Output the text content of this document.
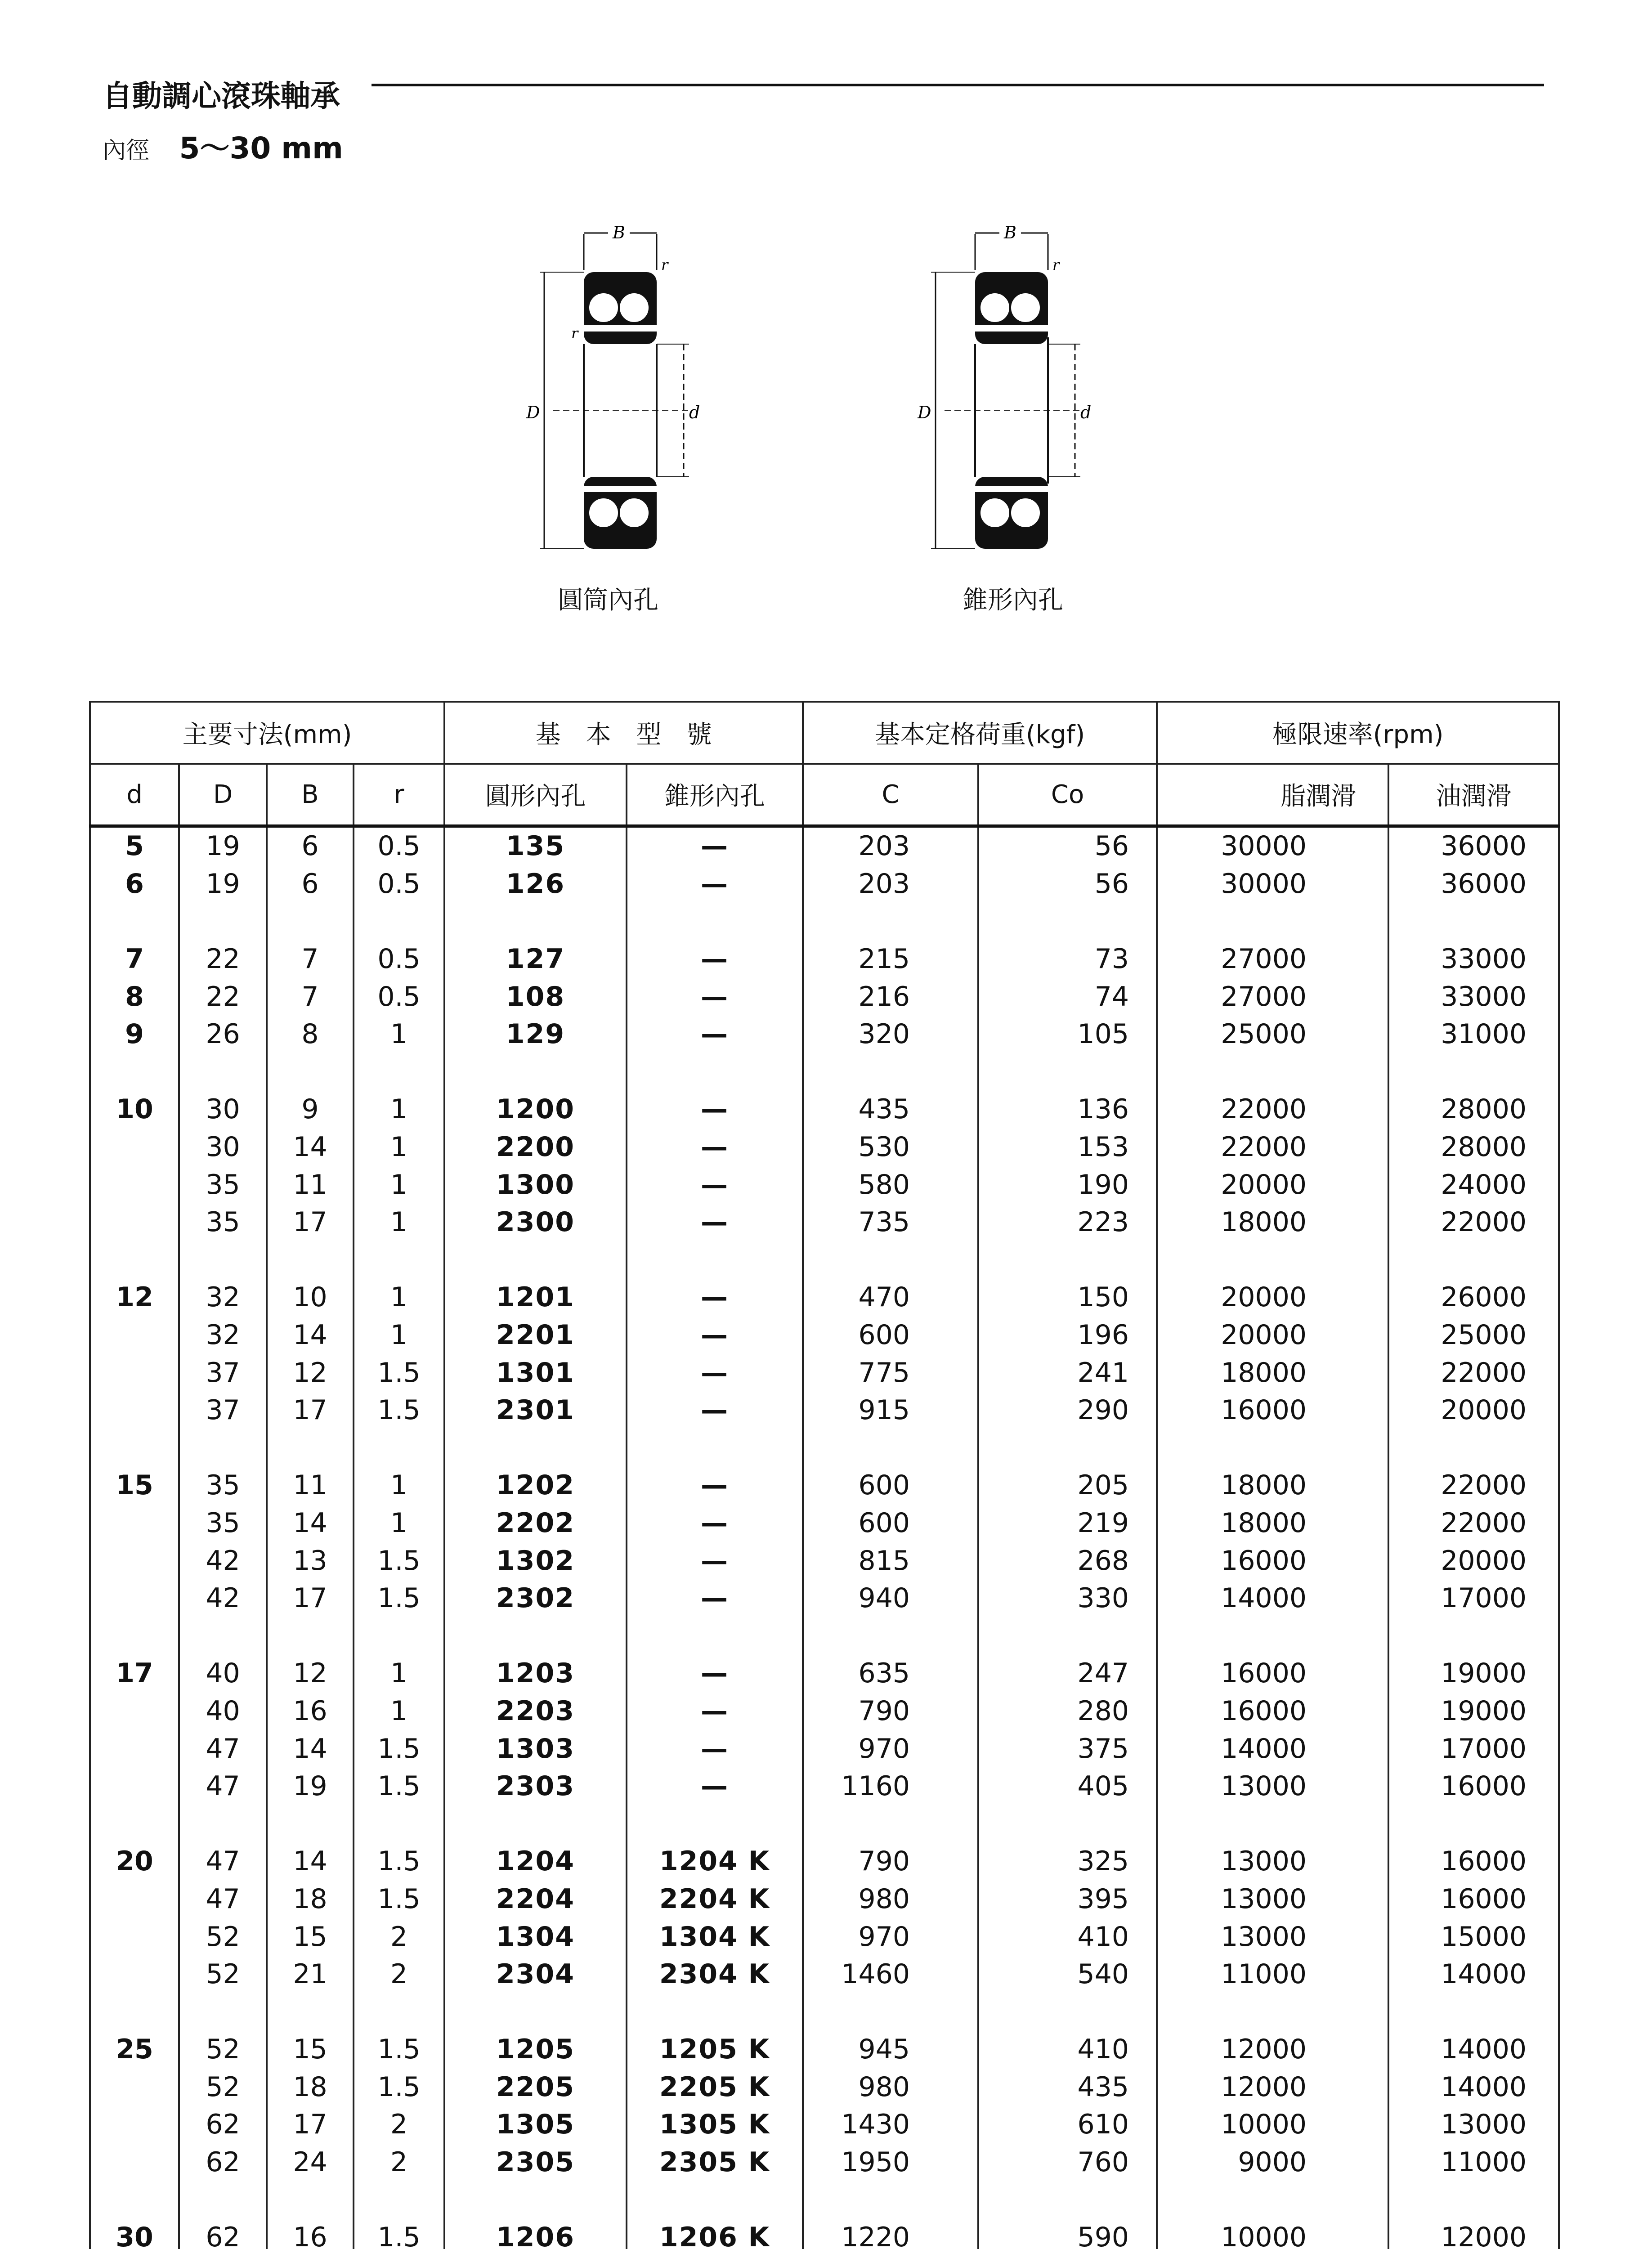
自動調心滾珠軸承
內徑 5～30 mm
B
r
r
D	d
圓筒內孔
B
r
D	d
錐形內孔
主要寸法(mm)				基　本　型　號		基本定格荷重(kgf)		極限速率(rpm)	
d	D	B	r	圓形內孔	錐形內孔	C	Co	脂潤滑	油潤滑
5	19	6	0.5	135	—	203	56	30000	36000
6	19	6	0.5	126	—	203	56	30000	36000

7	22	7	0.5	127	—	215	73	27000	33000
8	22	7	0.5	108	—	216	74	27000	33000
9	26	8	1	129	—	320	105	25000	31000

10	30	9	1	1200	—	435	136	22000	28000
	30	14	1	2200	—	530	153	22000	28000
	35	11	1	1300	—	580	190	20000	24000
	35	17	1	2300	—	735	223	18000	22000

12	32	10	1	1201	—	470	150	20000	26000
	32	14	1	2201	—	600	196	20000	25000
	37	12	1.5	1301	—	775	241	18000	22000
	37	17	1.5	2301	—	915	290	16000	20000

15	35	11	1	1202	—	600	205	18000	22000
	35	14	1	2202	—	600	219	18000	22000
	42	13	1.5	1302	—	815	268	16000	20000
	42	17	1.5	2302	—	940	330	14000	17000

17	40	12	1	1203	—	635	247	16000	19000
	40	16	1	2203	—	790	280	16000	19000
	47	14	1.5	1303	—	970	375	14000	17000
	47	19	1.5	2303	—	1160	405	13000	16000

20	47	14	1.5	1204	1204 K	790	325	13000	16000
	47	18	1.5	2204	2204 K	980	395	13000	16000
	52	15	2	1304	1304 K	970	410	13000	15000
	52	21	2	2304	2304 K	1460	540	11000	14000

25	52	15	1.5	1205	1205 K	945	410	12000	14000
	52	18	1.5	2205	2205 K	980	435	12000	14000
	62	17	2	1305	1305 K	1430	610	10000	13000
	62	24	2	2305	2305 K	1950	760	9000	11000

30	62	16	1.5	1206	1206 K	1220	590	10000	12000
